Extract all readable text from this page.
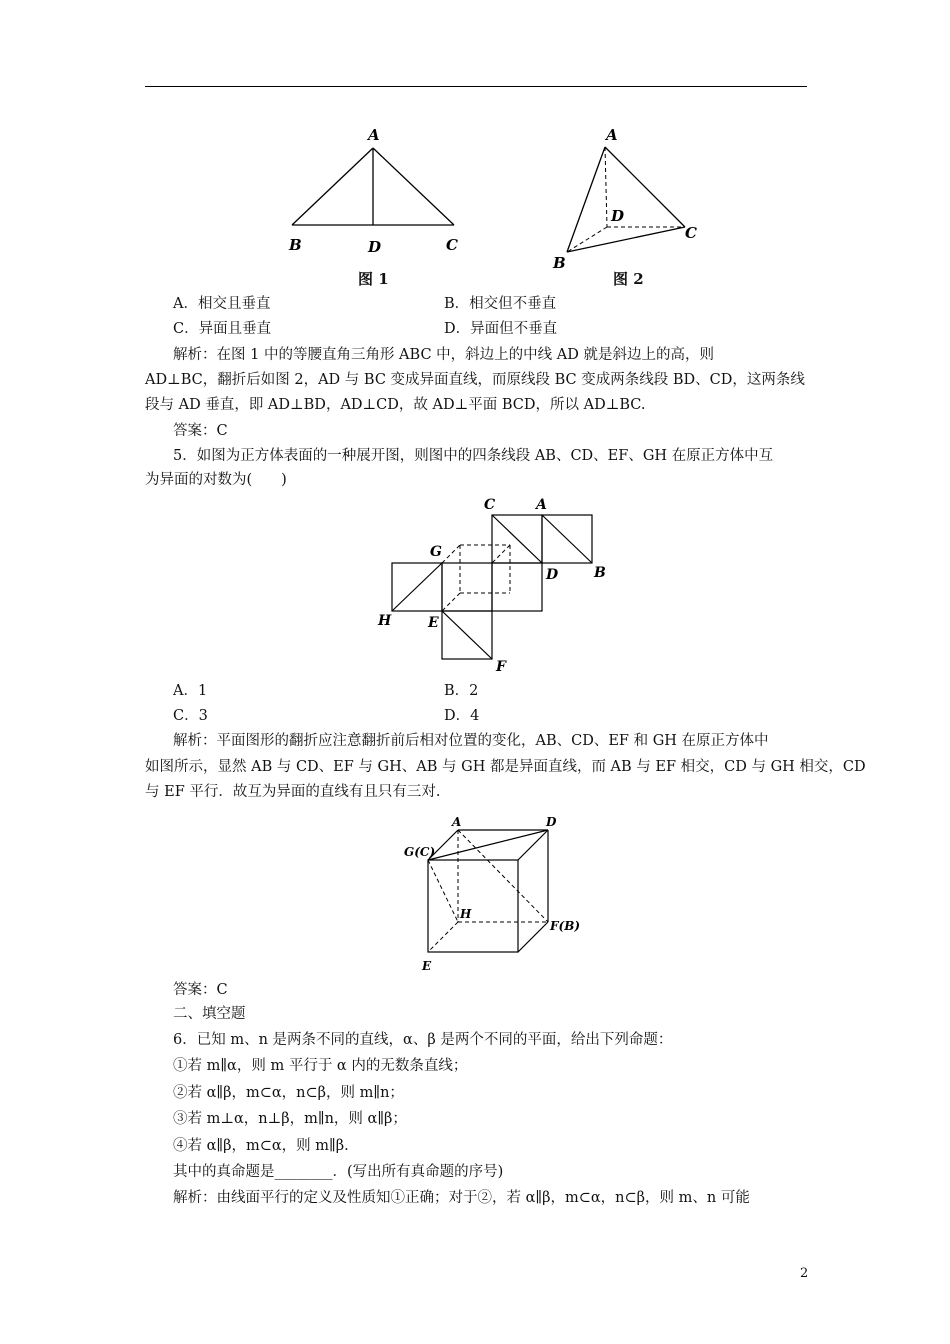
A
B	D	C
图 1
A
D
C
B
图 2
A．相交且垂直	B．相交但不垂直
C．异面且垂直	D．异面但不垂直
解析：在图 1 中的等腰直角三角形 ABC 中，斜边上的中线 AD 就是斜边上的高，则
AD⊥BC，翻折后如图 2，AD 与 BC 变成异面直线，而原线段 BC 变成两条线段 BD、CD，这两条线
段与 AD 垂直，即 AD⊥BD，AD⊥CD，故 AD⊥平面 BCD，所以 AD⊥BC.
答案：C
5．如图为正方体表面的一种展开图，则图中的四条线段 AB、CD、EF、GH 在原正方体中互
为异面的对数为(　　)
C	A
G
D	B
H	E
F
A．1	B．2
C．3	D．4
解析：平面图形的翻折应注意翻折前后相对位置的变化，AB、CD、EF 和 GH 在原正方体中
如图所示，显然 AB 与 CD、EF 与 GH、AB 与 GH 都是异面直线，而 AB 与 EF 相交，CD 与 GH 相交，CD
与 EF 平行．故互为异面的直线有且只有三对.
A	D
G(C)
H
F(B)
E
答案：C
二、填空题
6．已知 m、n 是两条不同的直线，α、β 是两个不同的平面，给出下列命题：
①若 m∥α，则 m 平行于 α 内的无数条直线；
②若 α∥β，m⊂α，n⊂β，则 m∥n；
③若 m⊥α，n⊥β，m∥n，则 α∥β；
④若 α∥β，m⊂α，则 m∥β.
其中的真命题是________．(写出所有真命题的序号)
解析：由线面平行的定义及性质知①正确；对于②，若 α∥β，m⊂α，n⊂β，则 m、n 可能
2
